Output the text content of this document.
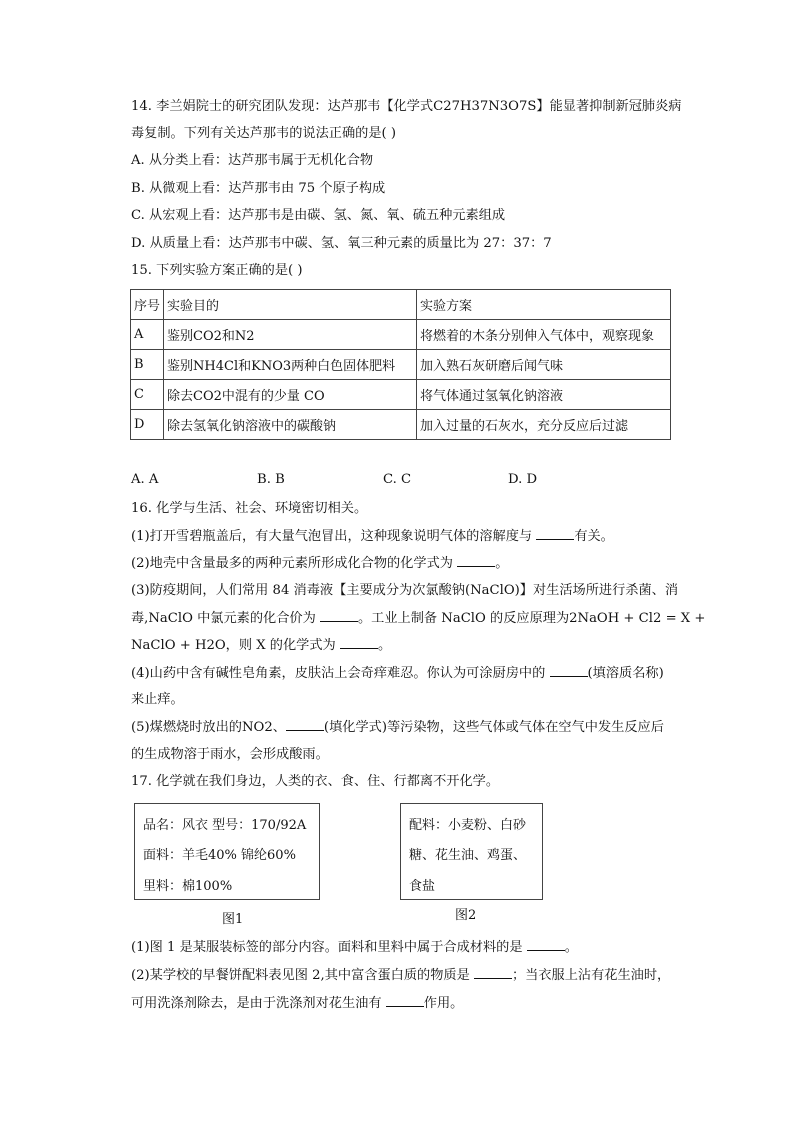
14. 李兰娟院士的研究团队发现：达芦那韦【化学式C27H37N3O7S】能显著抑制新冠肺炎病
毒复制。下列有关达芦那韦的说法正确的是( )
A. 从分类上看：达芦那韦属于无机化合物
B. 从微观上看：达芦那韦由 75 个原子构成
C. 从宏观上看：达芦那韦是由碳、氢、氮、氧、硫五种元素组成
D. 从质量上看：达芦那韦中碳、氢、氧三种元素的质量比为 27：37：7
15. 下列实验方案正确的是( )
序号	实验目的	实验方案
A	鉴别CO2和N2	将燃着的木条分别伸入气体中，观察现象
B	鉴别NH4Cl和KNO3两种白色固体肥料	加入熟石灰研磨后闻气味
C	除去CO2中混有的少量 CO	将气体通过氢氧化钠溶液
D	除去氢氧化钠溶液中的碳酸钠	加入过量的石灰水，充分反应后过滤
A. A	B. B	C. C	D. D
16. 化学与生活、社会、环境密切相关。
(1)打开雪碧瓶盖后，有大量气泡冒出，这种现象说明气体的溶解度与	有关。
(2)地壳中含量最多的两种元素所形成化合物的化学式为	。
(3)防疫期间，人们常用 84 消毒液【主要成分为次氯酸钠(NaClO)】对生活场所进行杀菌、消
毒,NaClO 中氯元素的化合价为	。工业上制备 NaClO 的反应原理为2NaOH + Cl2 = X +
NaClO + H2O，则 X 的化学式为	。
(4)山药中含有碱性皂角素，皮肤沾上会奇痒难忍。你认为可涂厨房中的	(填溶质名称)
来止痒。
(5)煤燃烧时放出的NO2、	(填化学式)等污染物，这些气体或气体在空气中发生反应后
的生成物溶于雨水，会形成酸雨。
17. 化学就在我们身边，人类的衣、食、住、行都离不开化学。
品名：风衣 型号：170/92A
面料：羊毛40% 锦纶60%
里料：棉100%
图1
配料：小麦粉、白砂
糖、花生油、鸡蛋、
食盐
图2
(1)图 1 是某服装标签的部分内容。面料和里料中属于合成材料的是	。
(2)某学校的早餐饼配料表见图 2,其中富含蛋白质的物质是	；当衣服上沾有花生油时，
可用洗涤剂除去，是由于洗涤剂对花生油有	作用。
